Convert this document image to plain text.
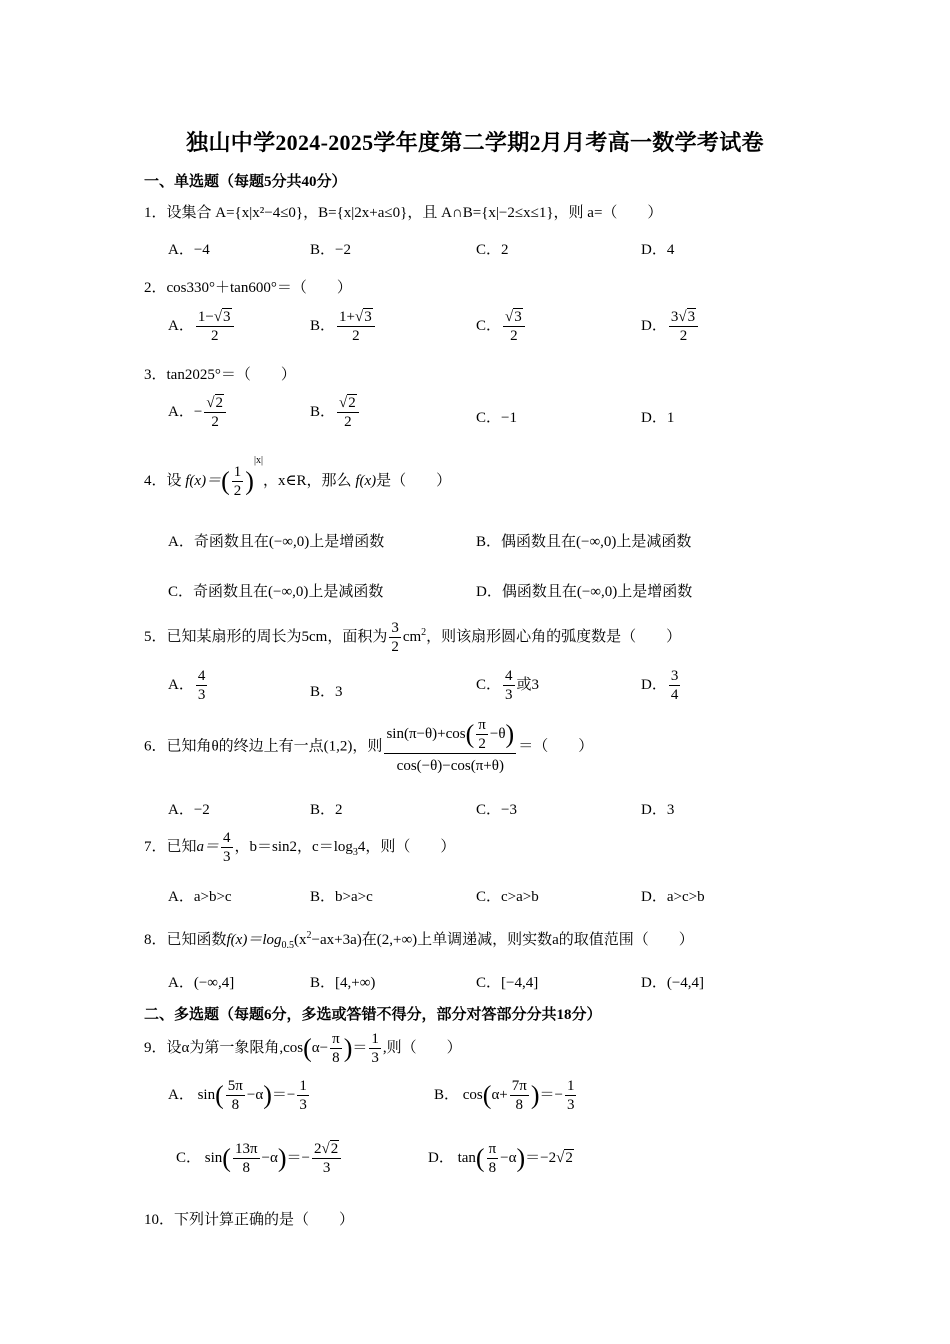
独山中学2024-2025学年度第二学期2月月考高一数学考试卷
一、单选题（每题5分共40分）
1．设集合 A={x|x²−4≤0}，B={x|2x+a≤0}，且 A∩B={x|−2≤x≤1}，则 a=（　　）
A．−4	B．−2	C．2	D．4
2．cos330°＋tan600°＝（　　）
A． $\frac{1-√3}{2}$	B． $\frac{1+√3}{2}$	C． $\frac{√3}{2}$	D． $\frac{3√3}{2}$
3．tan2025°＝（　　）
A．− $\frac{√2}{2}$	B． $\frac{√2}{2}$	C．−1	D．1
4．设 $f(x)=( \frac{1}{2} )^{|x|}$，x∈R，那么 f(x)是（　　）
A．奇函数且在(−∞,0)上是增函数	B．偶函数且在(−∞,0)上是减函数
C．奇函数且在(−∞,0)上是减函数	D．偶函数且在(−∞,0)上是增函数
5．已知某扇形的周长为5cm，面积为 $\frac{3}{2} cm^2$，则该扇形圆心角的弧度数是（　　）
A． $\frac{4}{3}$	B．3	C． $\frac{4}{3}$ 或3	D． $\frac{3}{4}$
6．已知角θ的终边上有一点(1,2)，则 $\frac{\sin(\pi-\theta)+\cos( \frac{\pi}{2} -\theta)}{\cos(-\theta)-\cos(\pi+\theta)}$ ＝（　　）
A．−2	B．2	C．−3	D．3
7．已知$a= \frac{4}{3}$ ，b＝sin2，$c=\log_34$，则（　　）
A．a>b>c	B．b>a>c	C．c>a>b	D．a>c>b
8．已知函数$f(x)=\log_{0.5}(x^2-ax+3a)$在(2,+∞)上单调递减，则实数a的取值范围（　　）
A．(−∞,4]	B．[4,+∞)	C．[−4,4]	D．(−4,4]
二、多选题（每题6分，多选或答错不得分，部分对答部分分共18分）
9．设α为第一象限角$,\cos(\alpha- \frac{\pi}{8}$ )＝ $\frac{1}{3}$ ,则（　　）
A． $\sin( \frac{5\pi}{8} -\alpha)=- \frac{1}{3}$	B． $\cos(\alpha+ \frac{7\pi}{8}$ )＝− $\frac{1}{3}$
C． $\sin( \frac{13\pi}{8} -\alpha)=- \frac{2√2}{3}$	D． $\tan( \frac{\pi}{8} -\alpha)=-2√2$
10．下列计算正确的是（　　）
